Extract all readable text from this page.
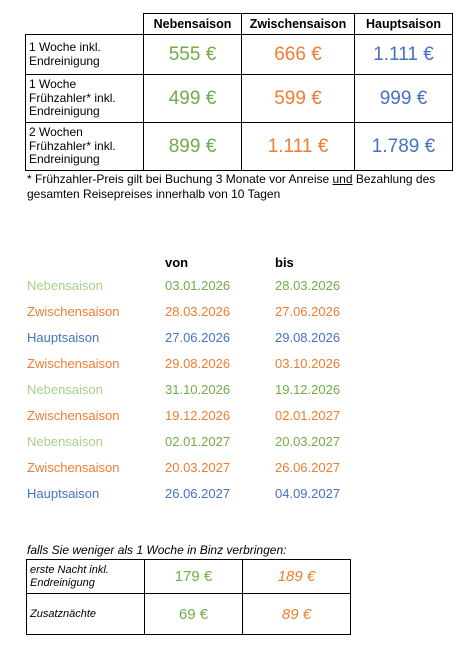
	Nebensaison	Zwischensaison	Hauptsaison
1 Woche inkl. Endreinigung	555 €	666 €	1.111 €
1 Woche Frühzahler* inkl. Endreinigung	499 €	599 €	999 €
2 Wochen Frühzahler* inkl. Endreinigung	899 €	1.111 €	1.789 €
* Frühzahler-Preis gilt bei Buchung 3 Monate vor Anreise und Bezahlung des gesamten Reisepreises innerhalb von 10 Tagen
	von	bis
Nebensaison	03.01.2026	28.03.2026
Zwischensaison	28.03.2026	27.06.2026
Hauptsaison	27.06.2026	29.08.2026
Zwischensaison	29.08.2026	03.10.2026
Nebensaison	31.10.2026	19.12.2026
Zwischensaison	19.12.2026	02.01.2027
Nebensaison	02.01.2027	20.03.2027
Zwischensaison	20.03.2027	26.06.2027
Hauptsaison	26.06.2027	04.09.2027
falls Sie weniger als 1 Woche in Binz verbringen:
erste Nacht inkl. Endreinigung	179 €	189 €
Zusatznächte	69 €	89 €
